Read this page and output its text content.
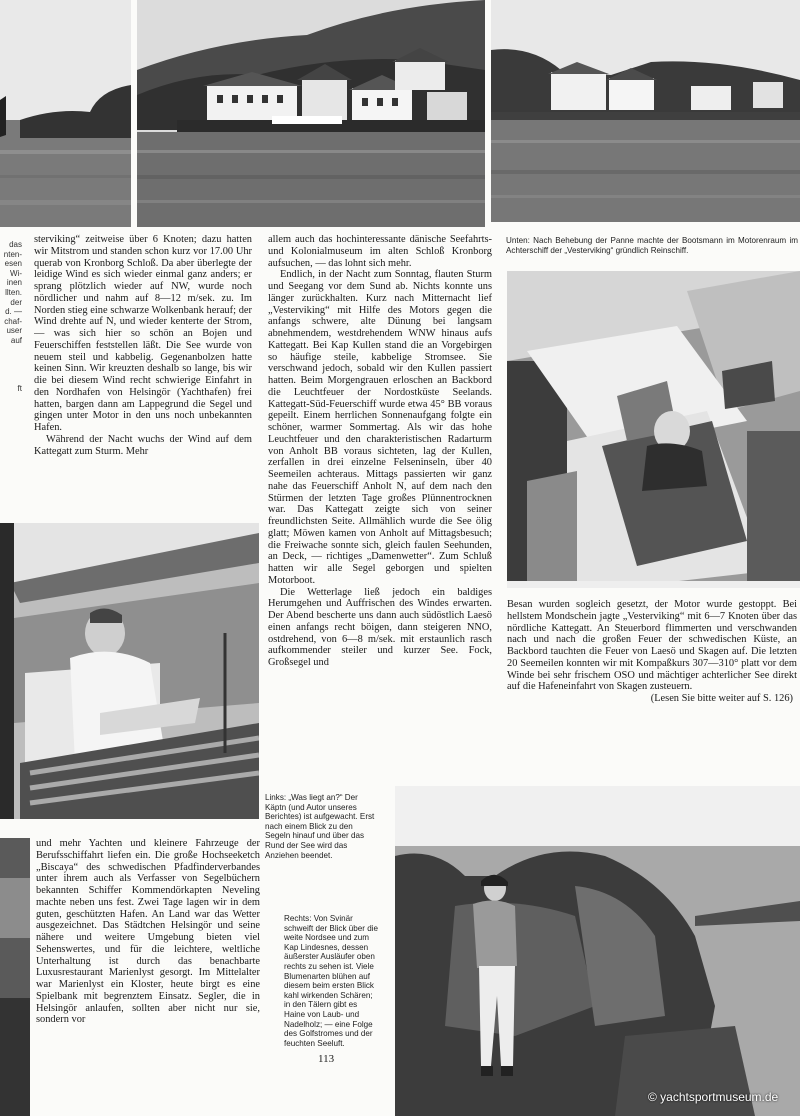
das
nten-
esen
Wi-
inen
llten.
der
d. —
chaf-
user
auf

ft

sterviking“ zeitweise über 6 Knoten; dazu hatten wir Mitstrom und standen schon kurz vor 17.00 Uhr querab von Kronborg Schloß. Da aber überlegte der leidige Wind es sich wieder einmal ganz anders; er sprang plötzlich wieder auf NW, wurde noch nördlicher und nahm auf 8—12 m/sek. zu. Im Norden stieg eine schwarze Wolkenbank herauf; der Wind drehte auf N, und wieder kenterte der Strom, — was sich hier so schön an Bojen und Feuerschiffen feststellen läßt. Die See wurde von neuem steil und kabbelig. Gegenanbolzen hatte keinen Sinn. Wir kreuzten deshalb so lange, bis wir die bei diesem Wind recht schwierige Einfahrt in den Nordhafen von Helsingör (Yachthafen) frei hatten, bargen dann am Lappegrund die Segel und gingen unter Motor in den uns noch unbekannten Hafen.

Während der Nacht wuchs der Wind auf dem Kattegatt zum Sturm. Mehr

allem auch das hochinteressante dänische Seefahrts- und Kolonialmuseum im alten Schloß Kronborg aufsuchen, — das lohnt sich mehr.

Endlich, in der Nacht zum Sonntag, flauten Sturm und Seegang vor dem Sund ab. Nichts konnte uns länger zurückhalten. Kurz nach Mitternacht lief „Vesterviking“ mit Hilfe des Motors gegen die anfangs schwere, alte Dünung bei langsam abnehmendem, westdrehendem WNW hinaus aufs Kattegatt. Bei Kap Kullen stand die an Vorgebirgen so häufige steile, kabbelige Stromsee. Sie verschwand jedoch, sobald wir den Kullen passiert hatten. Beim Morgengrauen erloschen an Backbord die Leuchtfeuer der Nordostküste Seelands. Kattegatt-Süd-Feuerschiff wurde etwa 45° BB voraus gepeilt. Einem herrlichen Sonnenaufgang folgte ein schöner, warmer Sommertag. Als wir das hohe Leuchtfeuer und den charakteristischen Radarturm von Anholt BB voraus sichteten, lag der Kullen, zerfallen in drei einzelne Felseninseln, über 40 Seemeilen achteraus. Mittags passierten wir ganz nahe das Feuerschiff Anholt N, auf dem nach den Stürmen der letzten Tage großes Plünnentrocknen war. Das Kattegatt zeigte sich von seiner freundlichsten Seite. Allmählich wurde die See ölig glatt; Möwen kamen von Anholt auf Mittagsbesuch; die Freiwache sonnte sich, gleich faulen Seehunden, an Deck, — richtiges „Damenwetter“. Zum Schluß hatten wir alle Segel geborgen und spielten Motorboot.

Die Wetterlage ließ jedoch ein baldiges Herumgehen und Auffrischen des Windes erwarten. Der Abend bescherte uns dann auch südöstlich Laesö einen anfangs recht böigen, dann steigeren NNO, ostdrehend, von 6—8 m/sek. mit erstaunlich rasch aufkommender steiler und kurzer See. Fock, Großsegel und

Unten: Nach Behebung der Panne machte der Bootsmann im Motorenraum im Achterschiff der „Vesterviking“ gründlich Reinschiff.

Besan wurden sogleich gesetzt, der Motor wurde gestoppt. Bei hellstem Mondschein jagte „Vesterviking“ mit 6—7 Knoten über das nördliche Kattegatt. An Steuerbord flimmerten und verschwanden nach und nach die großen Feuer der schwedischen Küste, an Backbord tauchten die Feuer von Laesö und Skagen auf. Die letzten 20 Seemeilen konnten wir mit Kompaßkurs 307—310° platt vor dem Winde bei sehr frischem OSO und mächtiger achterlicher See direkt auf die Hafeneinfahrt von Skagen zusteuern.

(Lesen Sie bitte weiter auf S. 126)

Links: „Was liegt an?“ Der Käptn (und Autor unseres Berichtes) ist aufgewacht. Erst nach einem Blick zu den Segeln hinauf und über das Rund der See wird das Anziehen beendet.

und mehr Yachten und kleinere Fahrzeuge der Berufsschiffahrt liefen ein. Die große Hochseeketch „Biscaya“ des schwedischen Pfadfinderverbandes unter ihrem auch als Verfasser von Segelbüchern bekannten Schiffer Kommendörkapten Neveling machte neben uns fest. Zwei Tage lagen wir in dem guten, geschützten Hafen. An Land war das Wetter ausgezeichnet. Das Städtchen Helsingör und seine nähere und weitere Umgebung bieten viel Sehenswertes, und für die leichtere, weltliche Unterhaltung ist durch das benachbarte Luxusrestaurant Marienlyst gesorgt. Im Mittelalter war Marienlyst ein Kloster, heute birgt es eine Spielbank mit begrenztem Einsatz. Segler, die in Helsingör anlaufen, sollten aber nicht nur sie, sondern vor

Rechts: Von Svinär schweift der Blick über die weite Nordsee und zum Kap Lindesnes, dessen äußerster Ausläufer oben rechts zu sehen ist. Viele Blumenarten blühen auf diesem beim ersten Blick kahl wirkenden Schären; in den Tälern gibt es Haine von Laub- und Nadelholz; — eine Folge des Golfstromes und der feuchten Seeluft.
113
© yachtsportmuseum.de
